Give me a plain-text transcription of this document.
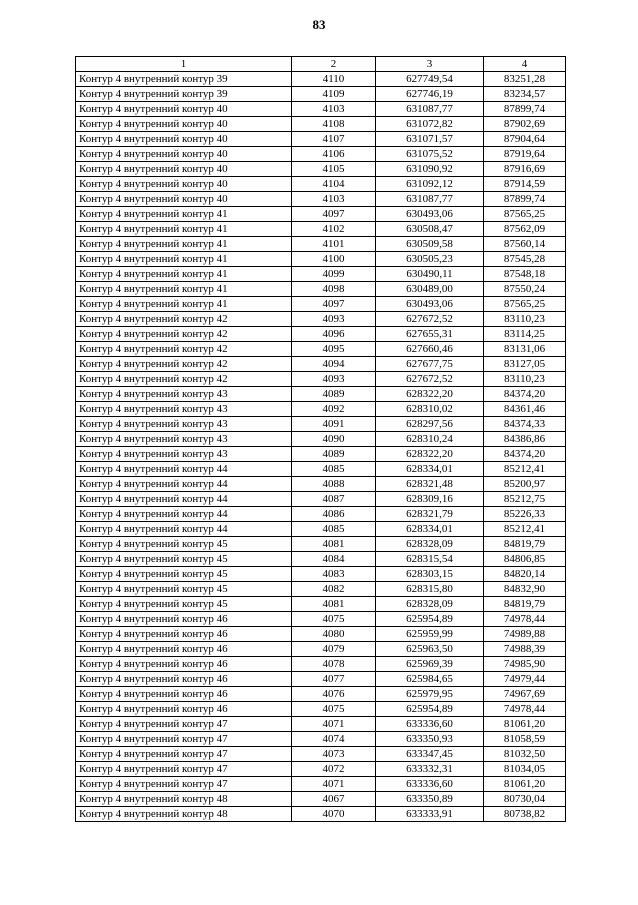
83
1	2	3	4
Контур 4 внутренний контур 39	4110	627749,54	83251,28
Контур 4 внутренний контур 39	4109	627746,19	83234,57
Контур 4 внутренний контур 40	4103	631087,77	87899,74
Контур 4 внутренний контур 40	4108	631072,82	87902,69
Контур 4 внутренний контур 40	4107	631071,57	87904,64
Контур 4 внутренний контур 40	4106	631075,52	87919,64
Контур 4 внутренний контур 40	4105	631090,92	87916,69
Контур 4 внутренний контур 40	4104	631092,12	87914,59
Контур 4 внутренний контур 40	4103	631087,77	87899,74
Контур 4 внутренний контур 41	4097	630493,06	87565,25
Контур 4 внутренний контур 41	4102	630508,47	87562,09
Контур 4 внутренний контур 41	4101	630509,58	87560,14
Контур 4 внутренний контур 41	4100	630505,23	87545,28
Контур 4 внутренний контур 41	4099	630490,11	87548,18
Контур 4 внутренний контур 41	4098	630489,00	87550,24
Контур 4 внутренний контур 41	4097	630493,06	87565,25
Контур 4 внутренний контур 42	4093	627672,52	83110,23
Контур 4 внутренний контур 42	4096	627655,31	83114,25
Контур 4 внутренний контур 42	4095	627660,46	83131,06
Контур 4 внутренний контур 42	4094	627677,75	83127,05
Контур 4 внутренний контур 42	4093	627672,52	83110,23
Контур 4 внутренний контур 43	4089	628322,20	84374,20
Контур 4 внутренний контур 43	4092	628310,02	84361,46
Контур 4 внутренний контур 43	4091	628297,56	84374,33
Контур 4 внутренний контур 43	4090	628310,24	84386,86
Контур 4 внутренний контур 43	4089	628322,20	84374,20
Контур 4 внутренний контур 44	4085	628334,01	85212,41
Контур 4 внутренний контур 44	4088	628321,48	85200,97
Контур 4 внутренний контур 44	4087	628309,16	85212,75
Контур 4 внутренний контур 44	4086	628321,79	85226,33
Контур 4 внутренний контур 44	4085	628334,01	85212,41
Контур 4 внутренний контур 45	4081	628328,09	84819,79
Контур 4 внутренний контур 45	4084	628315,54	84806,85
Контур 4 внутренний контур 45	4083	628303,15	84820,14
Контур 4 внутренний контур 45	4082	628315,80	84832,90
Контур 4 внутренний контур 45	4081	628328,09	84819,79
Контур 4 внутренний контур 46	4075	625954,89	74978,44
Контур 4 внутренний контур 46	4080	625959,99	74989,88
Контур 4 внутренний контур 46	4079	625963,50	74988,39
Контур 4 внутренний контур 46	4078	625969,39	74985,90
Контур 4 внутренний контур 46	4077	625984,65	74979,44
Контур 4 внутренний контур 46	4076	625979,95	74967,69
Контур 4 внутренний контур 46	4075	625954,89	74978,44
Контур 4 внутренний контур 47	4071	633336,60	81061,20
Контур 4 внутренний контур 47	4074	633350,93	81058,59
Контур 4 внутренний контур 47	4073	633347,45	81032,50
Контур 4 внутренний контур 47	4072	633332,31	81034,05
Контур 4 внутренний контур 47	4071	633336,60	81061,20
Контур 4 внутренний контур 48	4067	633350,89	80730,04
Контур 4 внутренний контур 48	4070	633333,91	80738,82
